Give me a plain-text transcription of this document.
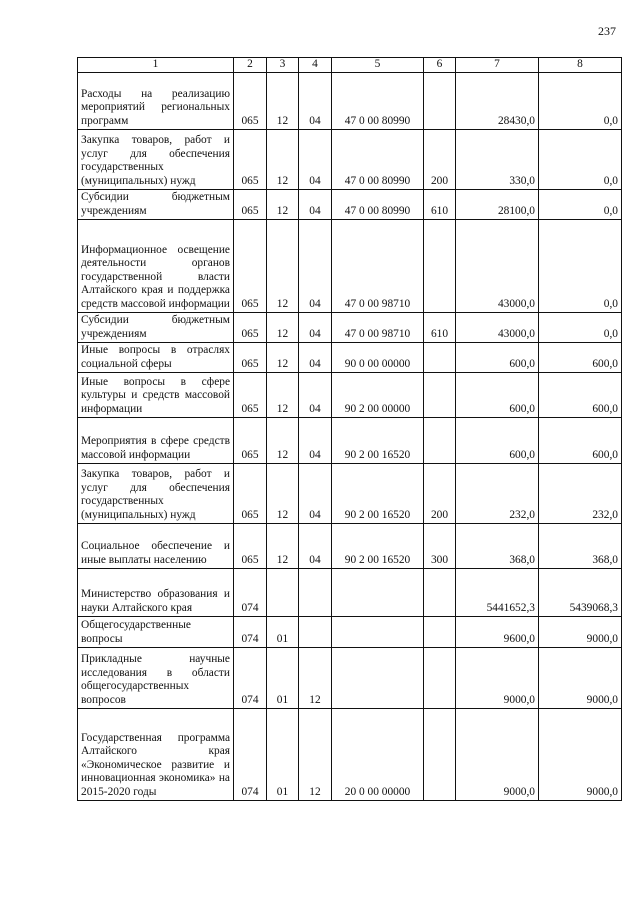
237
1	2	3	4	5	6	7	8
Расходы на реализацию мероприятий региональных программ	065	12	04	47 0 00 80990		28430,0	0,0
Закупка товаров, работ и услуг для обеспечения государственных (муниципальных) нужд	065	12	04	47 0 00 80990	200	330,0	0,0
Субсидии бюджетным учреждениям	065	12	04	47 0 00 80990	610	28100,0	0,0
Информационное освещение деятельности органов государственной власти Алтайского края и поддержка средств массовой информации	065	12	04	47 0 00 98710		43000,0	0,0
Субсидии бюджетным учреждениям	065	12	04	47 0 00 98710	610	43000,0	0,0
Иные вопросы в отраслях социальной сферы	065	12	04	90 0 00 00000		600,0	600,0
Иные вопросы в сфере культуры и средств массовой информации	065	12	04	90 2 00 00000		600,0	600,0
Мероприятия в сфере средств массовой информации	065	12	04	90 2 00 16520		600,0	600,0
Закупка товаров, работ и услуг для обеспечения государственных (муниципальных) нужд	065	12	04	90 2 00 16520	200	232,0	232,0
Социальное обеспечение и иные выплаты населению	065	12	04	90 2 00 16520	300	368,0	368,0
Министерство образования и науки Алтайского края	074					5441652,3	5439068,3
Общегосударственные вопросы	074	01				9600,0	9000,0
Прикладные научные исследования в области общегосударственных вопросов	074	01	12			9000,0	9000,0
Государственная программа Алтайского края «Экономическое развитие и инновационная экономика» на 2015-2020 годы	074	01	12	20 0 00 00000		9000,0	9000,0
